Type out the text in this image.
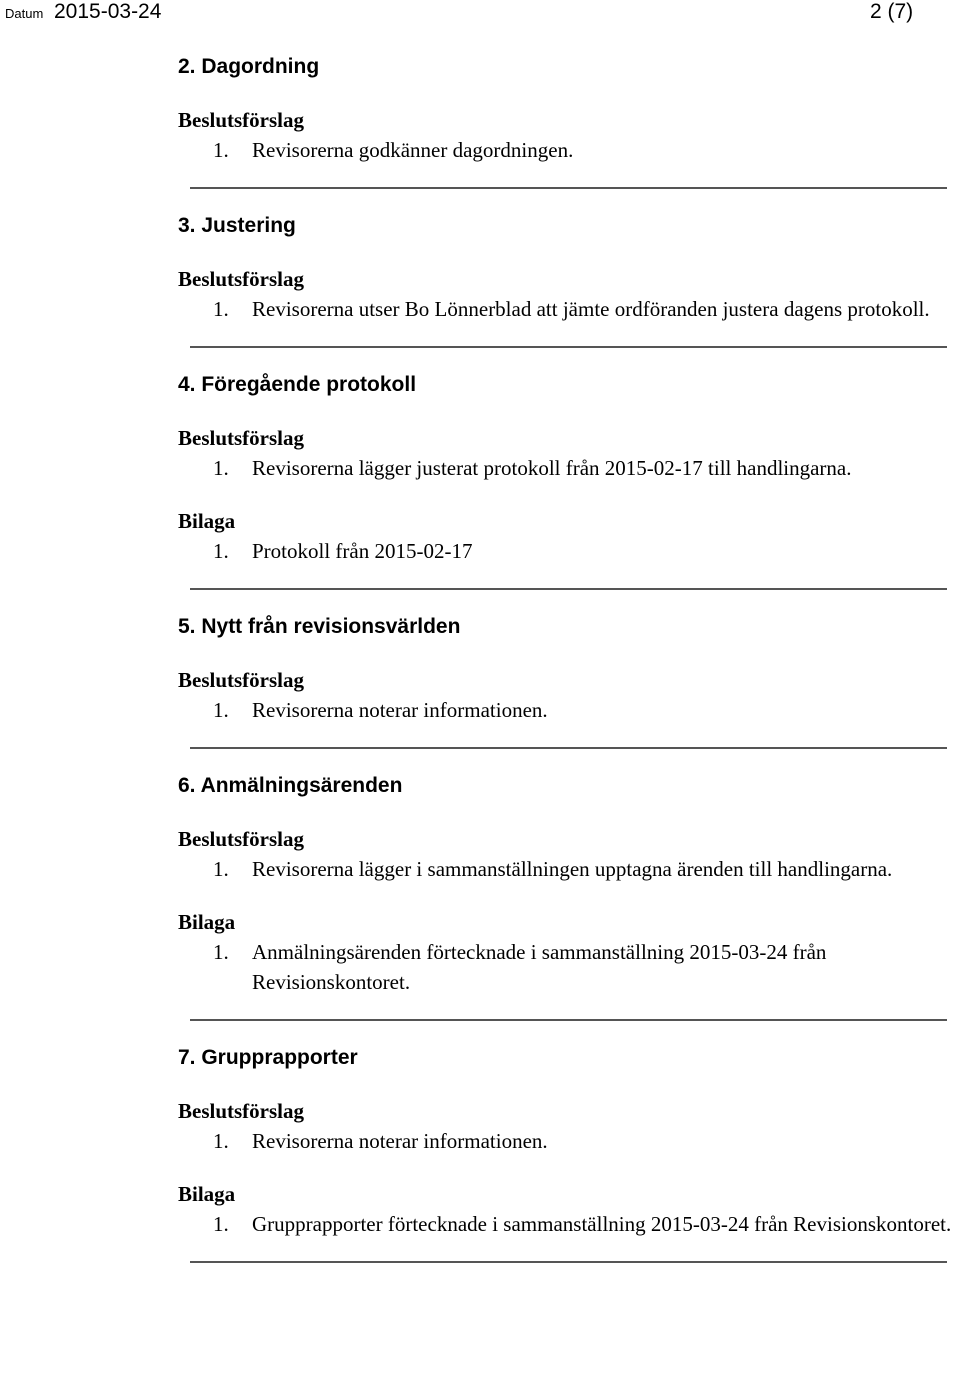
Datum 2015-03-24	2 (7)
2. Dagordning
Beslutsförslag
1. Revisorerna godkänner dagordningen.
3. Justering
Beslutsförslag
1. Revisorerna utser Bo Lönnerblad att jämte ordföranden justera dagens protokoll.
4. Föregående protokoll
Beslutsförslag
1. Revisorerna lägger justerat protokoll från 2015-02-17 till handlingarna.
Bilaga
1. Protokoll från 2015-02-17
5. Nytt från revisionsvärlden
Beslutsförslag
1. Revisorerna noterar informationen.
6. Anmälningsärenden
Beslutsförslag
1. Revisorerna lägger i sammanställningen upptagna ärenden till handlingarna.
Bilaga
1. Anmälningsärenden förtecknade i sammanställning 2015-03-24 från Revisionskontoret.
7. Grupprapporter
Beslutsförslag
1. Revisorerna noterar informationen.
Bilaga
1. Grupprapporter förtecknade i sammanställning 2015-03-24 från Revisionskontoret.
